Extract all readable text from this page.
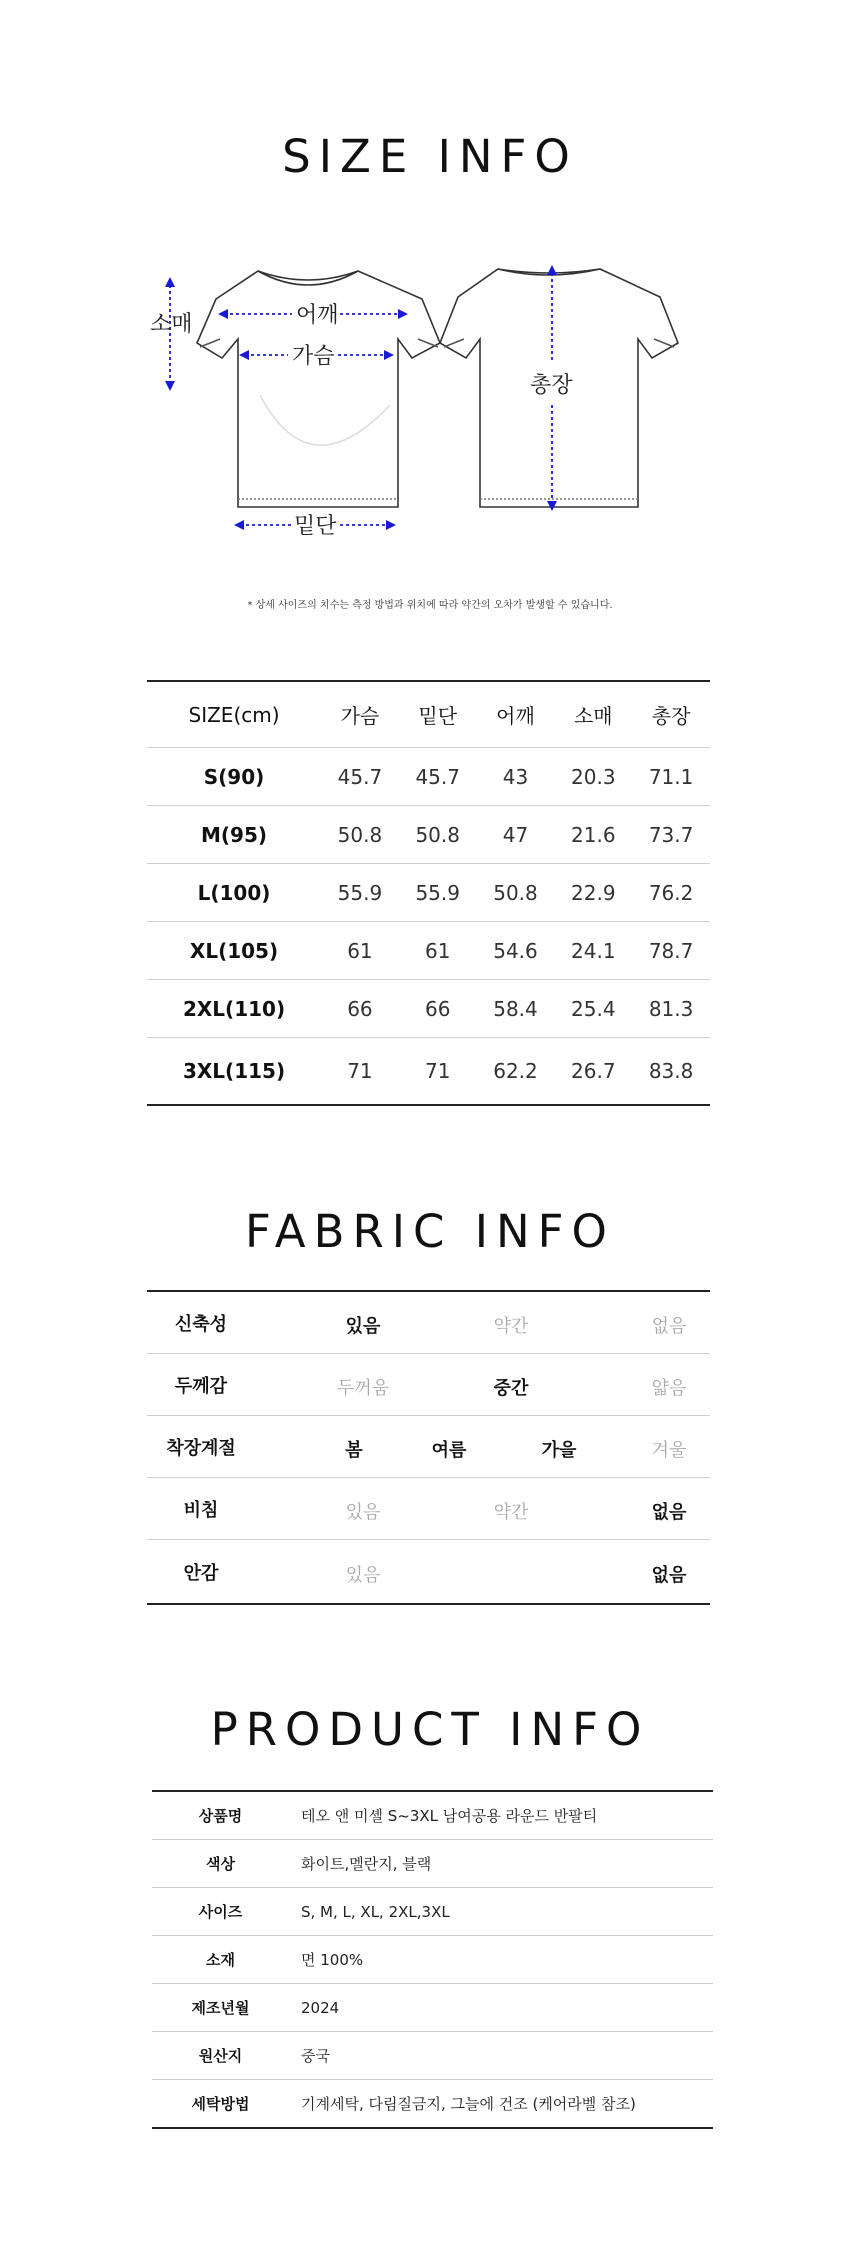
SIZE INFO
소매	어깨
가슴
밑단
총장
* 상세 사이즈의 치수는 측정 방법과 위치에 따라 약간의 오차가 발생할 수 있습니다.
SIZE(cm)	가슴	밑단	어깨	소매	총장
S(90)	45.7	45.7	43	20.3	71.1
M(95)	50.8	50.8	47	21.6	73.7
L(100)	55.9	55.9	50.8	22.9	76.2
XL(105)	61	61	54.6	24.1	78.7
2XL(110)	66	66	58.4	25.4	81.3
3XL(115)	71	71	62.2	26.7	83.8
FABRIC INFO
신축성	있음 약간 없음

두께감	두꺼움 중간 얇음

착장계절	봄 여름 가을 겨울

비침	있음 약간 없음

안감	있음 없음
PRODUCT INFO
상품명	테오 앤 미셸 S~3XL 남여공용 라운드 반팔티
색상	화이트,멜란지, 블랙
사이즈	S, M, L, XL, 2XL,3XL
소재	면 100%
제조년월	2024
원산지	중국
세탁방법	기계세탁, 다림질금지, 그늘에 건조 (케어라벨 참조)
